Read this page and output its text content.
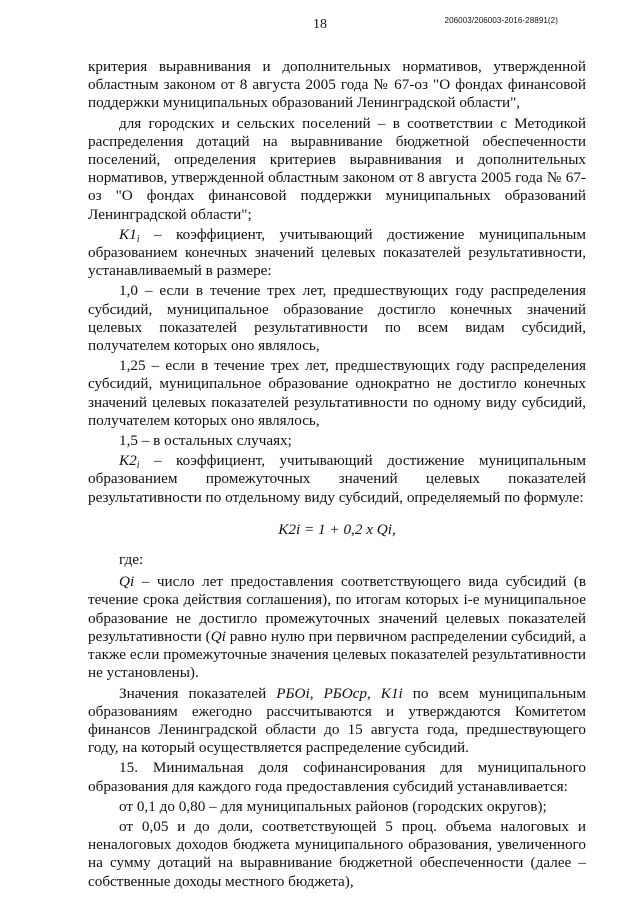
18	206003/206003-2016-28891(2)

критерия выравнивания и дополнительных нормативов, утвержденной областным законом от 8 августа 2005 года № 67-оз "О фондах финансовой поддержки муниципальных образований Ленинградской области",

для городских и сельских поселений – в соответствии с Методикой распределения дотаций на выравнивание бюджетной обеспеченности поселений, определения критериев выравнивания и дополнительных нормативов, утвержденной областным законом от 8 августа 2005 года № 67-оз "О фондах финансовой поддержки муниципальных образований Ленинградской области";

$K1_i$ – коэффициент, учитывающий достижение муниципальным образованием конечных значений целевых показателей результативности, устанавливаемый в размере:

1,0 – если в течение трех лет, предшествующих году распределения субсидий, муниципальное образование достигло конечных значений целевых показателей результативности по всем видам субсидий, получателем которых оно являлось,

1,25 – если в течение трех лет, предшествующих году распределения субсидий, муниципальное образование однократно не достигло конечных значений целевых показателей результативности по одному виду субсидий, получателем которых оно являлось,

1,5 – в остальных случаях;

$K2_i$ – коэффициент, учитывающий достижение муниципальным образованием промежуточных значений целевых показателей результативности по отдельному виду субсидий, определяемый по формуле:

K2i = 1 + 0,2 x Qi,

где:

Qi – число лет предоставления соответствующего вида субсидий (в течение срока действия соглашения), по итогам которых i-е муниципальное образование не достигло промежуточных значений целевых показателей результативности (Qi равно нулю при первичном распределении субсидий, а также если промежуточные значения целевых показателей результативности не установлены).

Значения показателей РБОi, РБОср, K1i по всем муниципальным образованиям ежегодно рассчитываются и утверждаются Комитетом финансов Ленинградской области до 15 августа года, предшествующего году, на который осуществляется распределение субсидий.

15. Минимальная доля софинансирования для муниципального образования для каждого года предоставления субсидий устанавливается:

от 0,1 до 0,80 – для муниципальных районов (городских округов);

от 0,05 и до доли, соответствующей 5 проц. объема налоговых и неналоговых доходов бюджета муниципального образования, увеличенного на сумму дотаций на выравнивание бюджетной обеспеченности (далее – собственные доходы местного бюджета),
